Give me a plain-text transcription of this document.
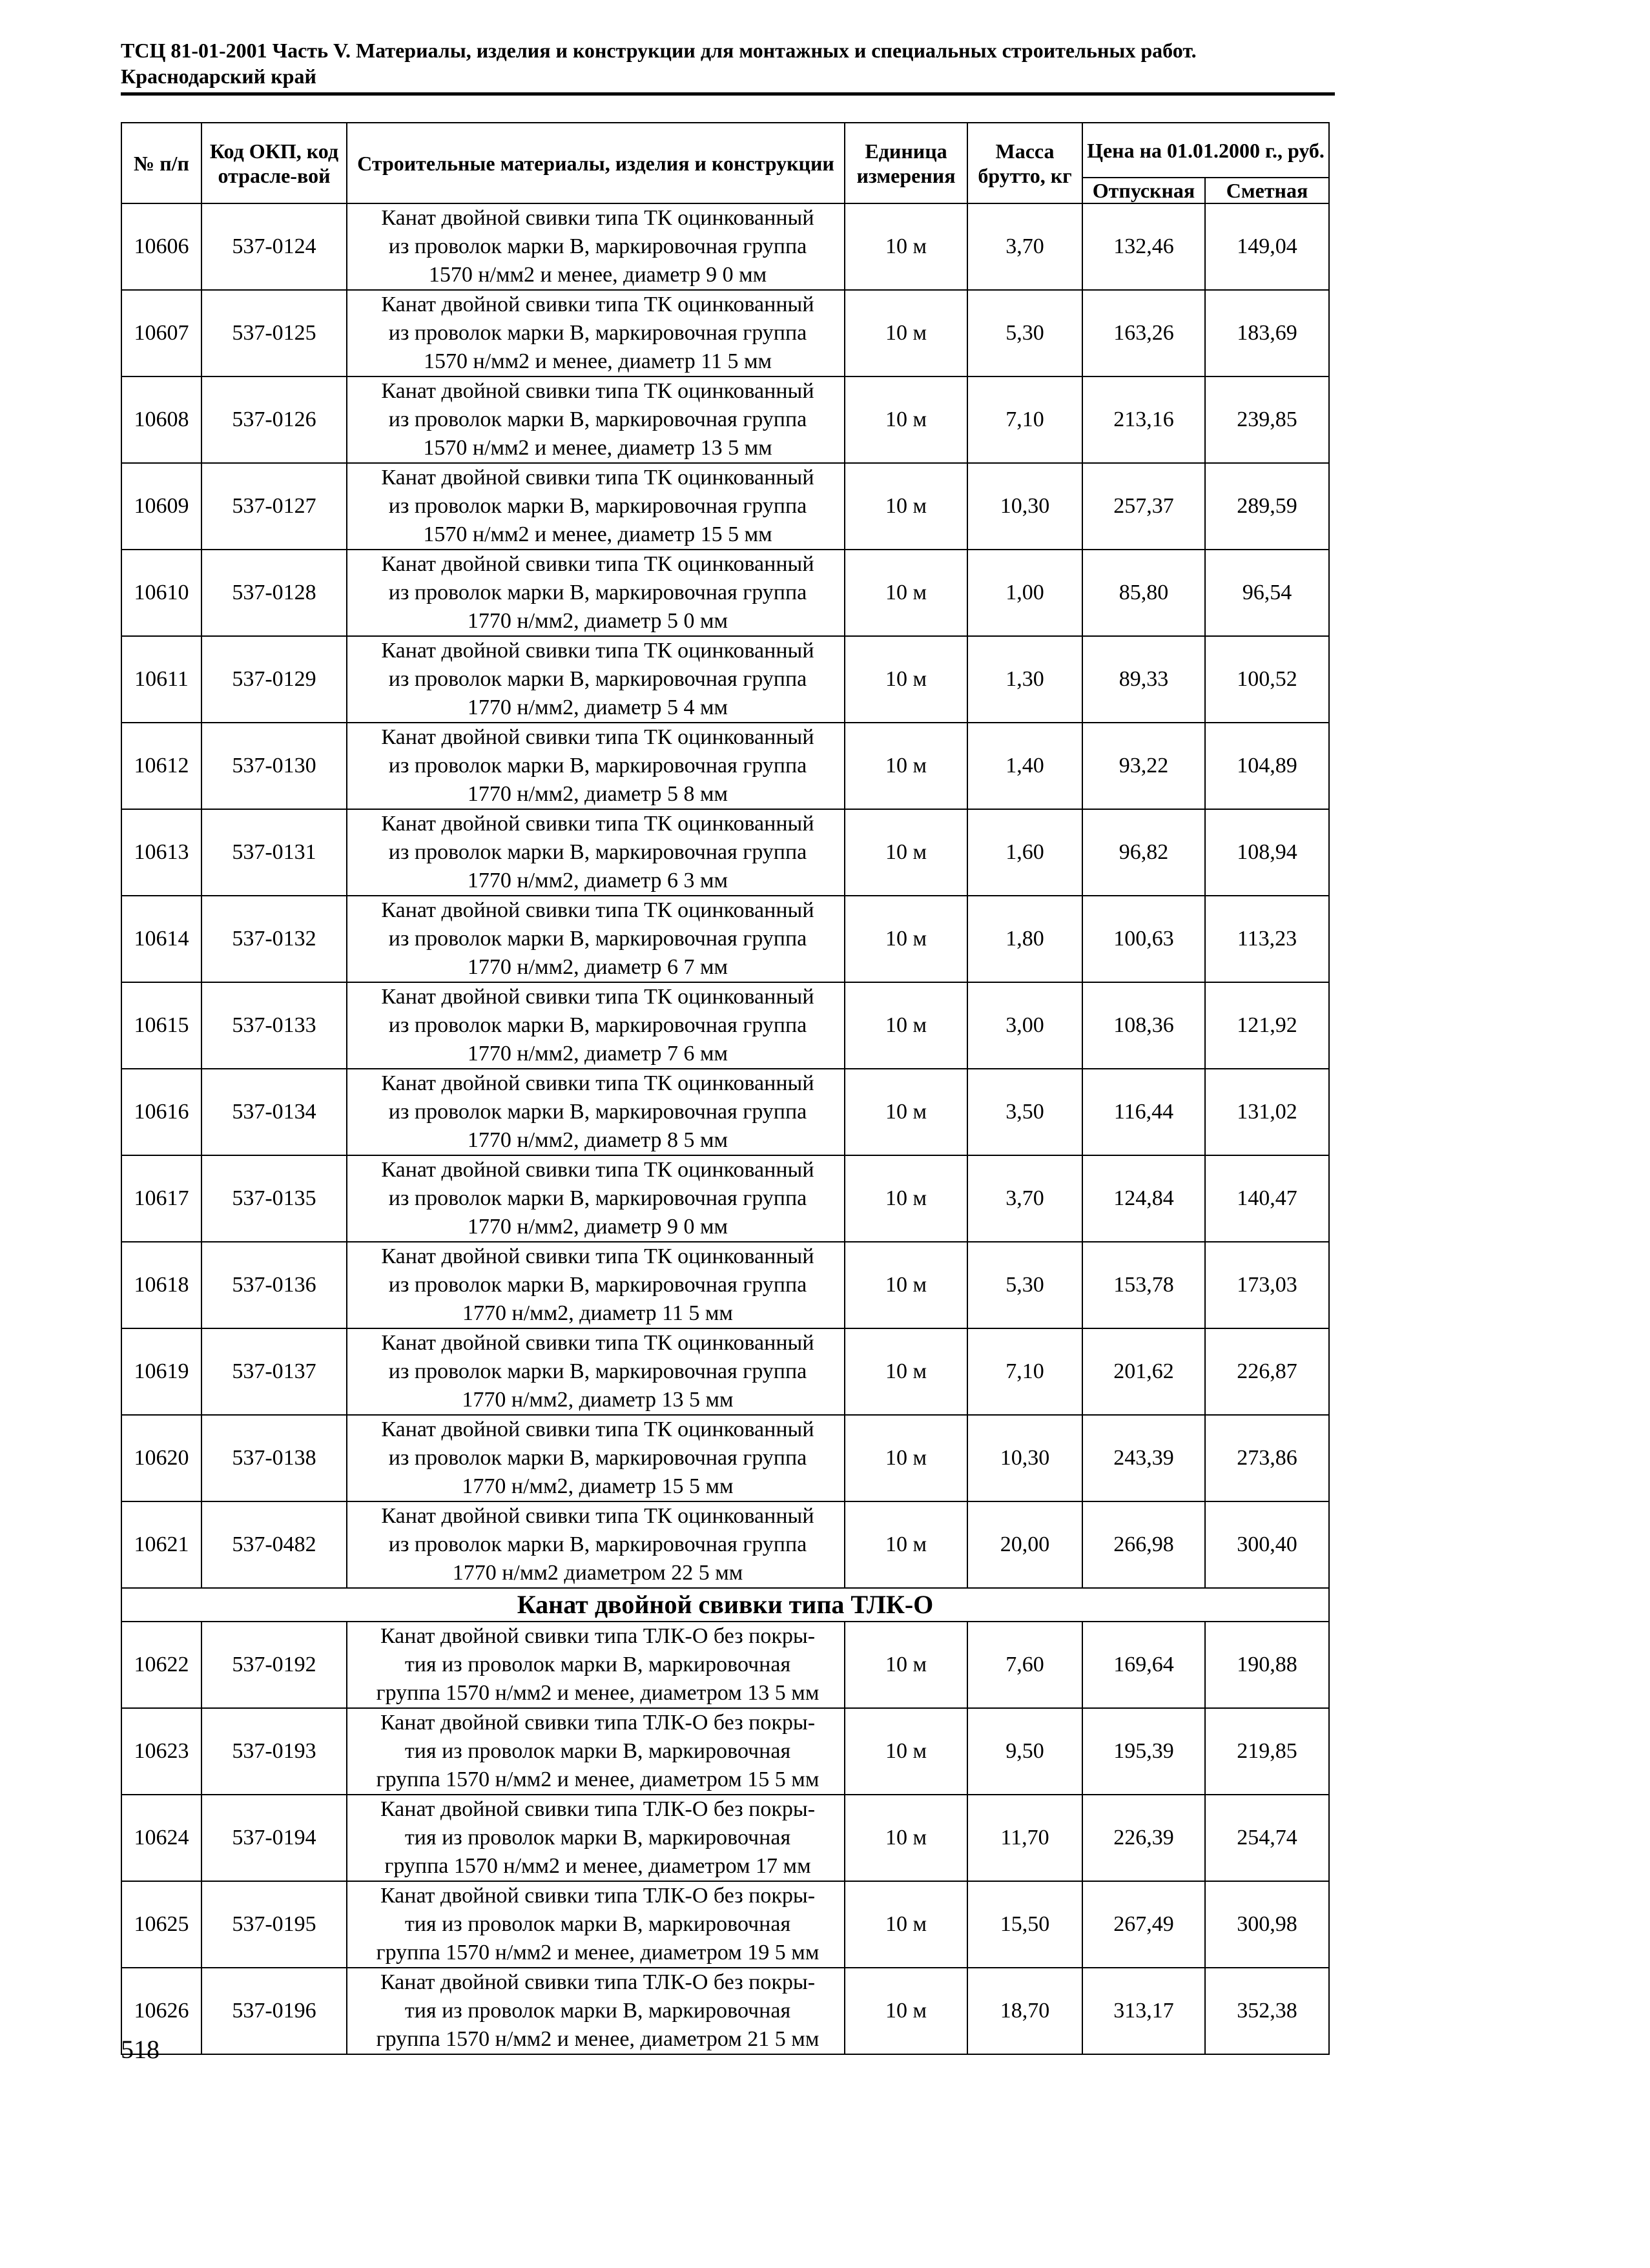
ТСЦ 81-01-2001 Часть V. Материалы, изделия и конструкции для монтажных и специальных строительных работ.
Краснодарский край
№ п/п	Код ОКП, код отрасле-вой	Строительные материалы, изделия и конструкции	Единица измерения	Масса брутто, кг	Цена на 01.01.2000 г., руб.	
					Отпускная	Сметная
10606	537-0124	Канат двойной свивки типа ТК оцинкованный
из проволок марки В, маркировочная группа
1570 н/мм2 и менее, диаметр 9 0 мм	10 м	3,70	132,46	149,04
10607	537-0125	Канат двойной свивки типа ТК оцинкованный
из проволок марки В, маркировочная группа
1570 н/мм2 и менее, диаметр 11 5 мм	10 м	5,30	163,26	183,69
10608	537-0126	Канат двойной свивки типа ТК оцинкованный
из проволок марки В, маркировочная группа
1570 н/мм2 и менее, диаметр 13 5 мм	10 м	7,10	213,16	239,85
10609	537-0127	Канат двойной свивки типа ТК оцинкованный
из проволок марки В, маркировочная группа
1570 н/мм2 и менее, диаметр 15 5 мм	10 м	10,30	257,37	289,59
10610	537-0128	Канат двойной свивки типа ТК оцинкованный
из проволок марки В, маркировочная группа
1770 н/мм2, диаметр 5 0 мм	10 м	1,00	85,80	96,54
10611	537-0129	Канат двойной свивки типа ТК оцинкованный
из проволок марки В, маркировочная группа
1770 н/мм2, диаметр 5 4 мм	10 м	1,30	89,33	100,52
10612	537-0130	Канат двойной свивки типа ТК оцинкованный
из проволок марки В, маркировочная группа
1770 н/мм2, диаметр 5 8 мм	10 м	1,40	93,22	104,89
10613	537-0131	Канат двойной свивки типа ТК оцинкованный
из проволок марки В, маркировочная группа
1770 н/мм2, диаметр 6 3 мм	10 м	1,60	96,82	108,94
10614	537-0132	Канат двойной свивки типа ТК оцинкованный
из проволок марки В, маркировочная группа
1770 н/мм2, диаметр 6 7 мм	10 м	1,80	100,63	113,23
10615	537-0133	Канат двойной свивки типа ТК оцинкованный
из проволок марки В, маркировочная группа
1770 н/мм2, диаметр 7 6 мм	10 м	3,00	108,36	121,92
10616	537-0134	Канат двойной свивки типа ТК оцинкованный
из проволок марки В, маркировочная группа
1770 н/мм2, диаметр 8 5 мм	10 м	3,50	116,44	131,02
10617	537-0135	Канат двойной свивки типа ТК оцинкованный
из проволок марки В, маркировочная группа
1770 н/мм2, диаметр 9 0 мм	10 м	3,70	124,84	140,47
10618	537-0136	Канат двойной свивки типа ТК оцинкованный
из проволок марки В, маркировочная группа
1770 н/мм2, диаметр 11 5 мм	10 м	5,30	153,78	173,03
10619	537-0137	Канат двойной свивки типа ТК оцинкованный
из проволок марки В, маркировочная группа
1770 н/мм2, диаметр 13 5 мм	10 м	7,10	201,62	226,87
10620	537-0138	Канат двойной свивки типа ТК оцинкованный
из проволок марки В, маркировочная группа
1770 н/мм2, диаметр 15 5 мм	10 м	10,30	243,39	273,86
10621	537-0482	Канат двойной свивки типа ТК оцинкованный
из проволок марки В, маркировочная группа
1770 н/мм2 диаметром 22 5 мм	10 м	20,00	266,98	300,40
Канат двойной свивки типа ТЛК-О						
10622	537-0192	Канат двойной свивки типа ТЛК-О без покры-
тия из проволок марки В, маркировочная
группа 1570 н/мм2 и менее, диаметром 13 5 мм	10 м	7,60	169,64	190,88
10623	537-0193	Канат двойной свивки типа ТЛК-О без покры-
тия из проволок марки В, маркировочная
группа 1570 н/мм2 и менее, диаметром 15 5 мм	10 м	9,50	195,39	219,85
10624	537-0194	Канат двойной свивки типа ТЛК-О без покры-
тия из проволок марки В, маркировочная
группа 1570 н/мм2 и менее, диаметром 17 мм	10 м	11,70	226,39	254,74
10625	537-0195	Канат двойной свивки типа ТЛК-О без покры-
тия из проволок марки В, маркировочная
группа 1570 н/мм2 и менее, диаметром 19 5 мм	10 м	15,50	267,49	300,98
10626	537-0196	Канат двойной свивки типа ТЛК-О без покры-
тия из проволок марки В, маркировочная
группа 1570 н/мм2 и менее, диаметром 21 5 мм	10 м	18,70	313,17	352,38
518
